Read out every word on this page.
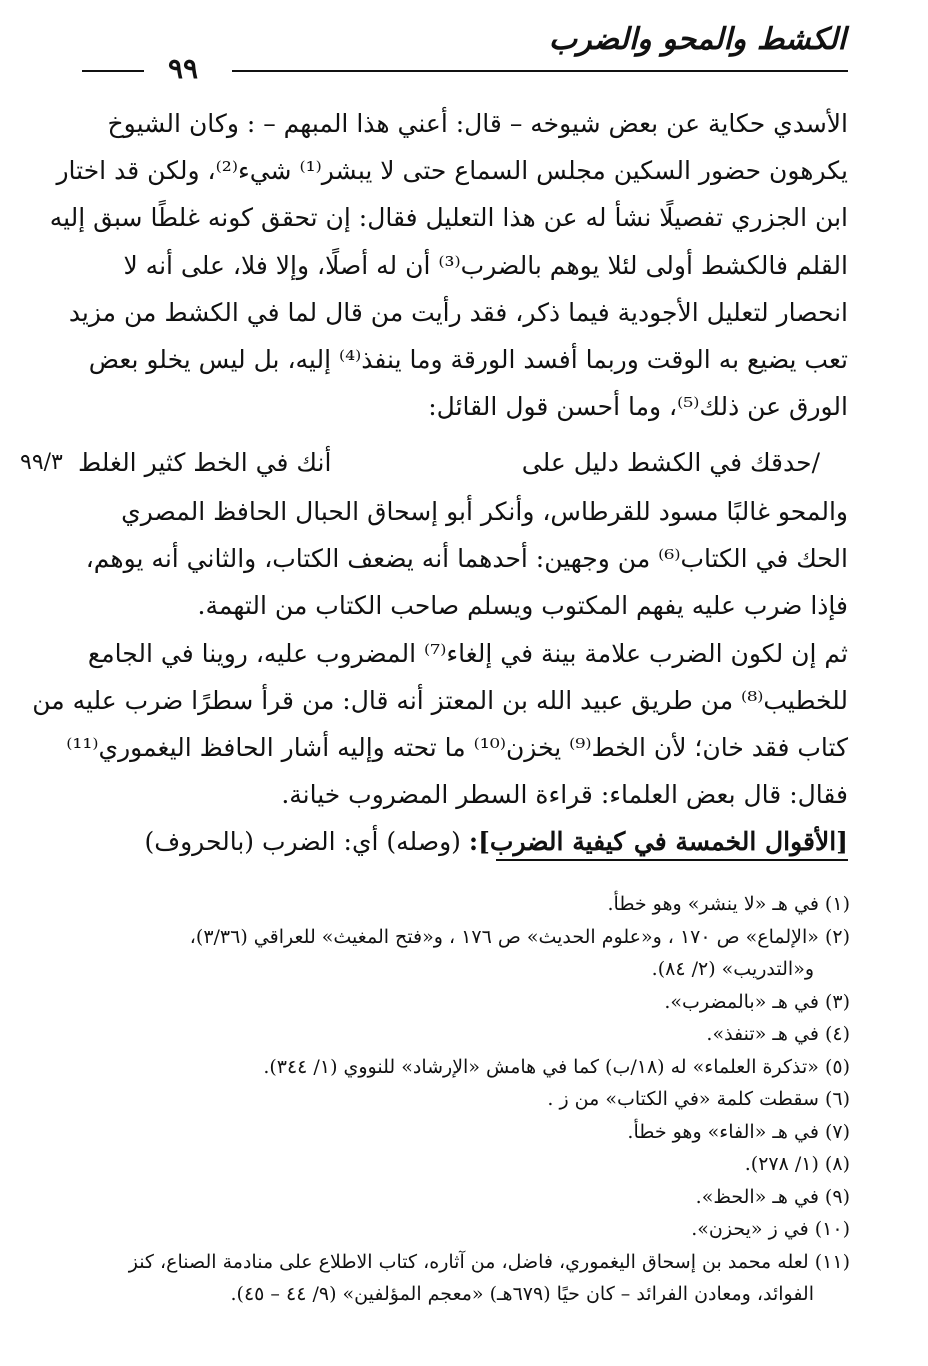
الكشط والمحو والضرب
٩٩
الأسدي حكاية عن بعض شيوخه – قال: أعني هذا المبهم – : وكان الشيوخ
يكرهون حضور السكين مجلس السماع حتى لا يبشر⁽¹⁾ شيء⁽²⁾، ولكن قد اختار
ابن الجزري تفصيلًا نشأ له عن هذا التعليل فقال: إن تحقق كونه غلطًا سبق إليه
القلم فالكشط أولى لئلا يوهم بالضرب⁽³⁾ أن له أصلًا، وإلا فلا، على أنه لا
انحصار لتعليل الأجودية فيما ذكر، فقد رأيت من قال لما في الكشط من مزيد
تعب يضيع به الوقت وربما أفسد الورقة وما ينفذ⁽⁴⁾ إليه، بل ليس يخلو بعض
الورق عن ذلك⁽⁵⁾، وما أحسن قول القائل:
/حدقك في الكشط دليل على
أنك في الخط كثير الغلط
٩٩/٣
والمحو غالبًا مسود للقرطاس، وأنكر أبو إسحاق الحبال الحافظ المصري
الحك في الكتاب⁽⁶⁾ من وجهين: أحدهما أنه يضعف الكتاب، والثاني أنه يوهم،
فإذا ضرب عليه يفهم المكتوب ويسلم صاحب الكتاب من التهمة.
ثم إن لكون الضرب علامة بينة في إلغاء⁽⁷⁾ المضروب عليه، روينا في الجامع
للخطيب⁽⁸⁾ من طريق عبيد الله بن المعتز أنه قال: من قرأ سطرًا ضرب عليه من
كتاب فقد خان؛ لأن الخط⁽⁹⁾ يخزن⁽¹⁰⁾ ما تحته وإليه أشار الحافظ اليغموري⁽¹¹⁾
فقال: قال بعض العلماء: قراءة السطر المضروب خيانة.
[الأقوال الخمسة في كيفية الضرب]: (وصله) أي: الضرب (بالحروف)
(١) في هـ «لا ينشر» وهو خطأ.
(٢) «الإلماع» ص ١٧٠ ، و«علوم الحديث» ص ١٧٦ ، و«فتح المغيث» للعراقي (٣/٣٦)،
و«التدريب» (٢/ ٨٤).
(٣) في هـ «بالمضرب».
(٤) في هـ «تنفذ».
(٥) «تذكرة العلماء» له (١٨/ب) كما في هامش «الإرشاد» للنووي (١/ ٣٤٤).
(٦) سقطت كلمة «في الكتاب» من ز .
(٧) في هـ «الفاء» وهو خطأ.
(٨) (١/ ٢٧٨).
(٩) في هـ «الحظ».
(١٠) في ز «يحزن».
(١١) لعله محمد بن إسحاق اليغموري، فاضل، من آثاره، كتاب الاطلاع على منادمة الصناع، كنز
الفوائد، ومعادن الفرائد – كان حيًا (٦٧٩هـ) «معجم المؤلفين» (٩/ ٤٤ – ٤٥).
